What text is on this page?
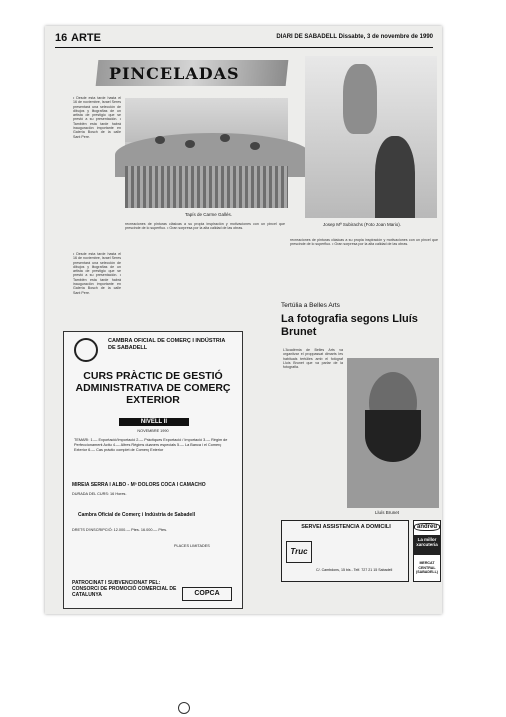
16 ARTE	DIARI DE SABADELL Dissabte, 3 de novembre de 1990
PINCELADAS

• Desde esta tarde hasta el 16 de noviembre, Israel Seres presentará una selección de dibujos y litografías de un artista de prestigio que se prestó a su presentación. • También esta tarde habrá inauguración importante en Galería Bosch de la calle Sant Pere.

Tapís de Carme Gallés.
Josep Mª Subirachs (Foto Joan Mario).

• Desde esta tarde hasta el 16 de noviembre, Israel Seres presentará una selección de dibujos y litografías de un artista de prestigio que se prestó a su presentación. • También esta tarde habrá inauguración importante en Galería Bosch de la calle Sant Pere.

recreaciones de pinturas clásicas a su propia inspiración y motivaciones con un pincel que prescinde de lo superfluo. • Gran sorpresa por la alta calidad de las obras.

recreaciones de pinturas clásicas a su propia inspiración y motivaciones con un pincel que prescinde de lo superfluo. • Gran sorpresa por la alta calidad de las obras.

CAMBRA OFICIAL DE COMERÇ I INDÚSTRIA DE SABADELL
CURS PRÀCTIC DE GESTIÓ ADMINISTRATIVA DE COMERÇ EXTERIOR
NIVELL II
NOVEMBRE 1990
TEMARI: 1.— Exportació/Importació 2.— Pràctiques Exportació / Importació 3.— Règim de Perfeccionament Actiu 4.— Altres Règims duaners especials 5.— La Banca i el Comerç Exterior 6.— Cas pràctic complet de Comerç Exterior
MIREIA SERRA I ALBO - Mª DOLORS COCA I CAMACHO
DURADA DEL CURS: 16 Hores.
Cambra Oficial de Comerç i Indústria de Sabadell
DRETS D'INSCRIPCIÓ: 12.000.— Ptes. 16.000.— Ptes.
PLACES LIMITADES
PATROCINAT I SUBVENCIONAT PEL: CONSORCI DE PROMOCIÓ COMERCIAL DE CATALUNYA	COPCA
Tertúlia a Belles Arts
La fotografia segons Lluís Brunet

L'Acadèmia de Belles Arts va organitzar el proppassat dimarts les habituals tertúlies amb el fotògraf Lluís Brunet que va parlar de la fotografia.

Lluís Brunet
SERVEI ASSISTENCIA A DOMICILI
Truc
C/. Cambdons, 15 bis - Telf. 727 21 15 Sabadell
andreu
La millor xarcuteria
MERCAT CENTRAL (SABADELL)
